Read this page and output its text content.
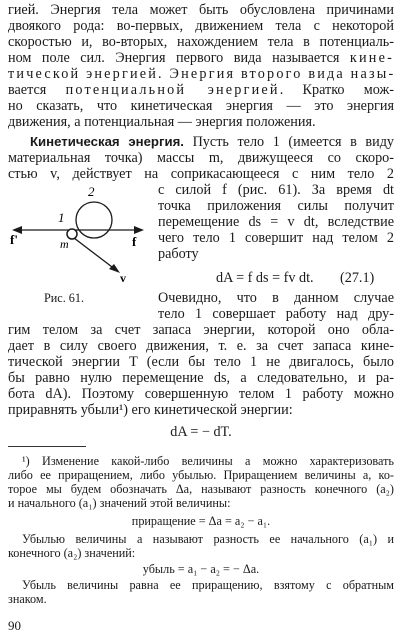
гией. Энергия тела может быть обусловлена причинами
двоякого рода: во-первых, движением тела с некоторой
скоростью и, во-вторых, нахождением тела в потенциаль-
ном поле сил. Энергия первого вида называется кине-
тической энергией. Энергия второго вида назы-
вается потенциальной энергией. Кратко мож-
но сказать, что кинетическая энергия — это энергия
движения, а потенциальная — энергия положения.
Кинетическая энергия. Пусть тело 1 (имеется в виду
материальная точка) массы m, движущееся со скоро-
стью v, действует на соприкасающееся с ним тело 2
с силой f (рис. 61). За время dt
точка приложения силы получит
перемещение ds = v dt, вследствие
чего тело 1 совершит над телом 2
работу
dA = f ds = fv dt.	(27.1)
f'
1
m
2
f
v
Рис. 61.	Очевидно, что в данном случае
тело 1 совершает работу над дру-
гим телом за счет запаса энергии, которой оно обла-
дает в силу своего движения, т. е. за счет запаса кине-
тической энергии T (если бы тело 1 не двигалось, было
бы равно нулю перемещение ds, а следовательно, и ра-
бота dA). Поэтому совершенную телом 1 работу можно
приравнять убыли¹) его кинетической энергии:
dA = − dT.
¹) Изменение какой-либо величины a можно характеризовать
либо ее приращением, либо убылью. Приращением величины a, ко-
торое мы будем обозначать Δa, называют разность конечного (a₂)
и начального (a₁) значений этой величины:
приращение = Δa = a₂ − a₁.
Убылью величины a называют разность ее начального (a₁) и
конечного (a₂) значений:
убыль = a₁ − a₂ = − Δa.
Убыль величины равна ее приращению, взятому с обратным
знаком.
90
